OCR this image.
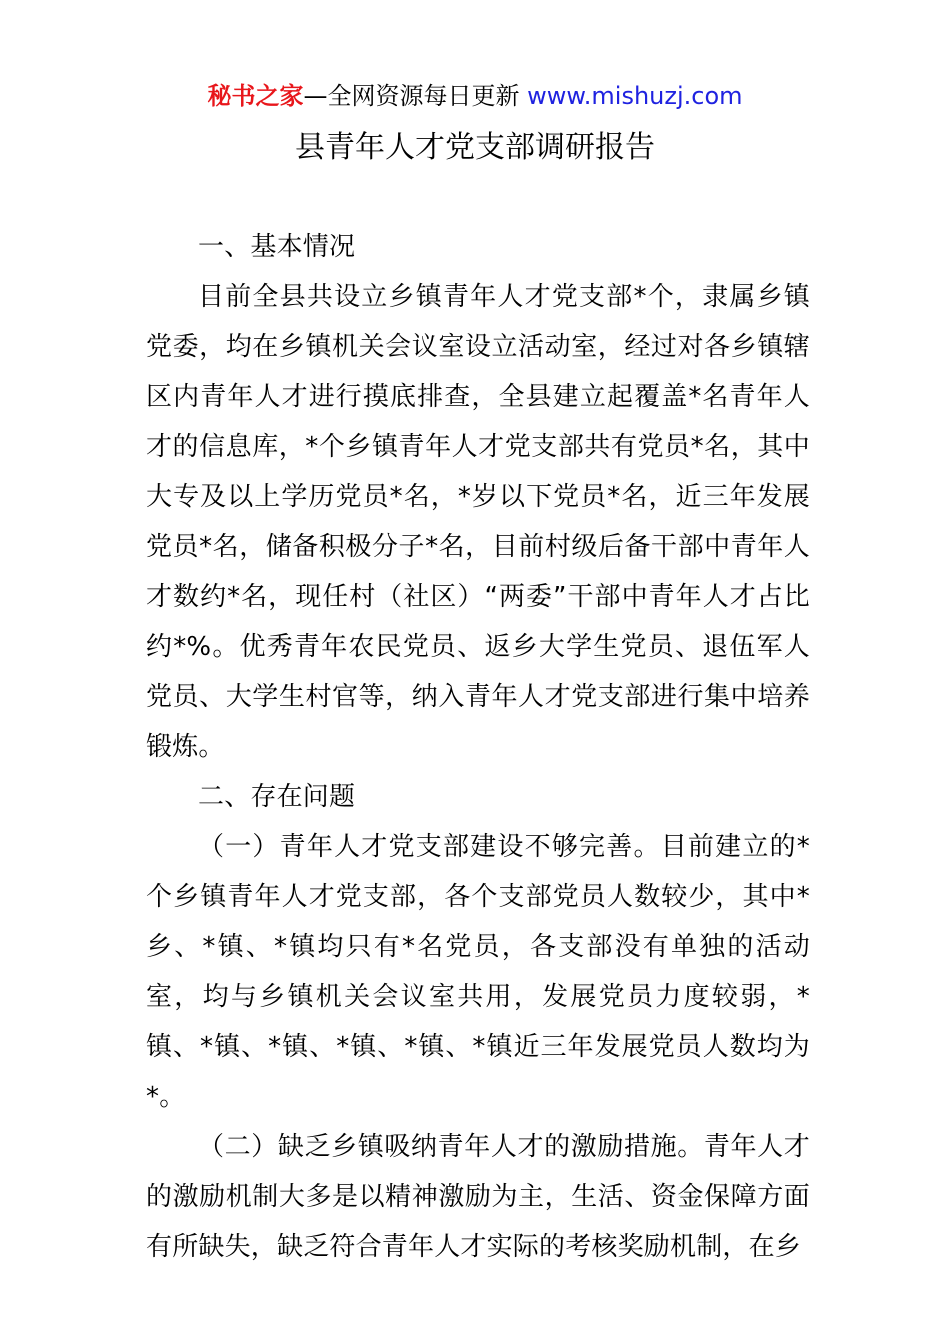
秘书之家—全网资源每日更新 www.mishuzj.com
县青年人才党支部调研报告

一、基本情况

目前全县共设立乡镇青年人才党支部*个，隶属乡镇党委，均在乡镇机关会议室设立活动室，经过对各乡镇辖区内青年人才进行摸底排查，全县建立起覆盖*名青年人才的信息库，*个乡镇青年人才党支部共有党员*名，其中大专及以上学历党员*名，*岁以下党员*名，近三年发展党员*名，储备积极分子*名，目前村级后备干部中青年人才数约*名，现任村（社区）“两委”干部中青年人才占比约*%。优秀青年农民党员、返乡大学生党员、退伍军人党员、大学生村官等，纳入青年人才党支部进行集中培养锻炼。

二、存在问题

（一）青年人才党支部建设不够完善。目前建立的*个乡镇青年人才党支部，各个支部党员人数较少，其中*乡、*镇、*镇均只有*名党员，各支部没有单独的活动室，均与乡镇机关会议室共用，发展党员力度较弱，*镇、*镇、*镇、*镇、*镇、*镇近三年发展党员人数均为*。

（二）缺乏乡镇吸纳青年人才的激励措施。青年人才的激励机制大多是以精神激励为主，生活、资金保障方面有所缺失，缺乏符合青年人才实际的考核奖励机制，在乡
